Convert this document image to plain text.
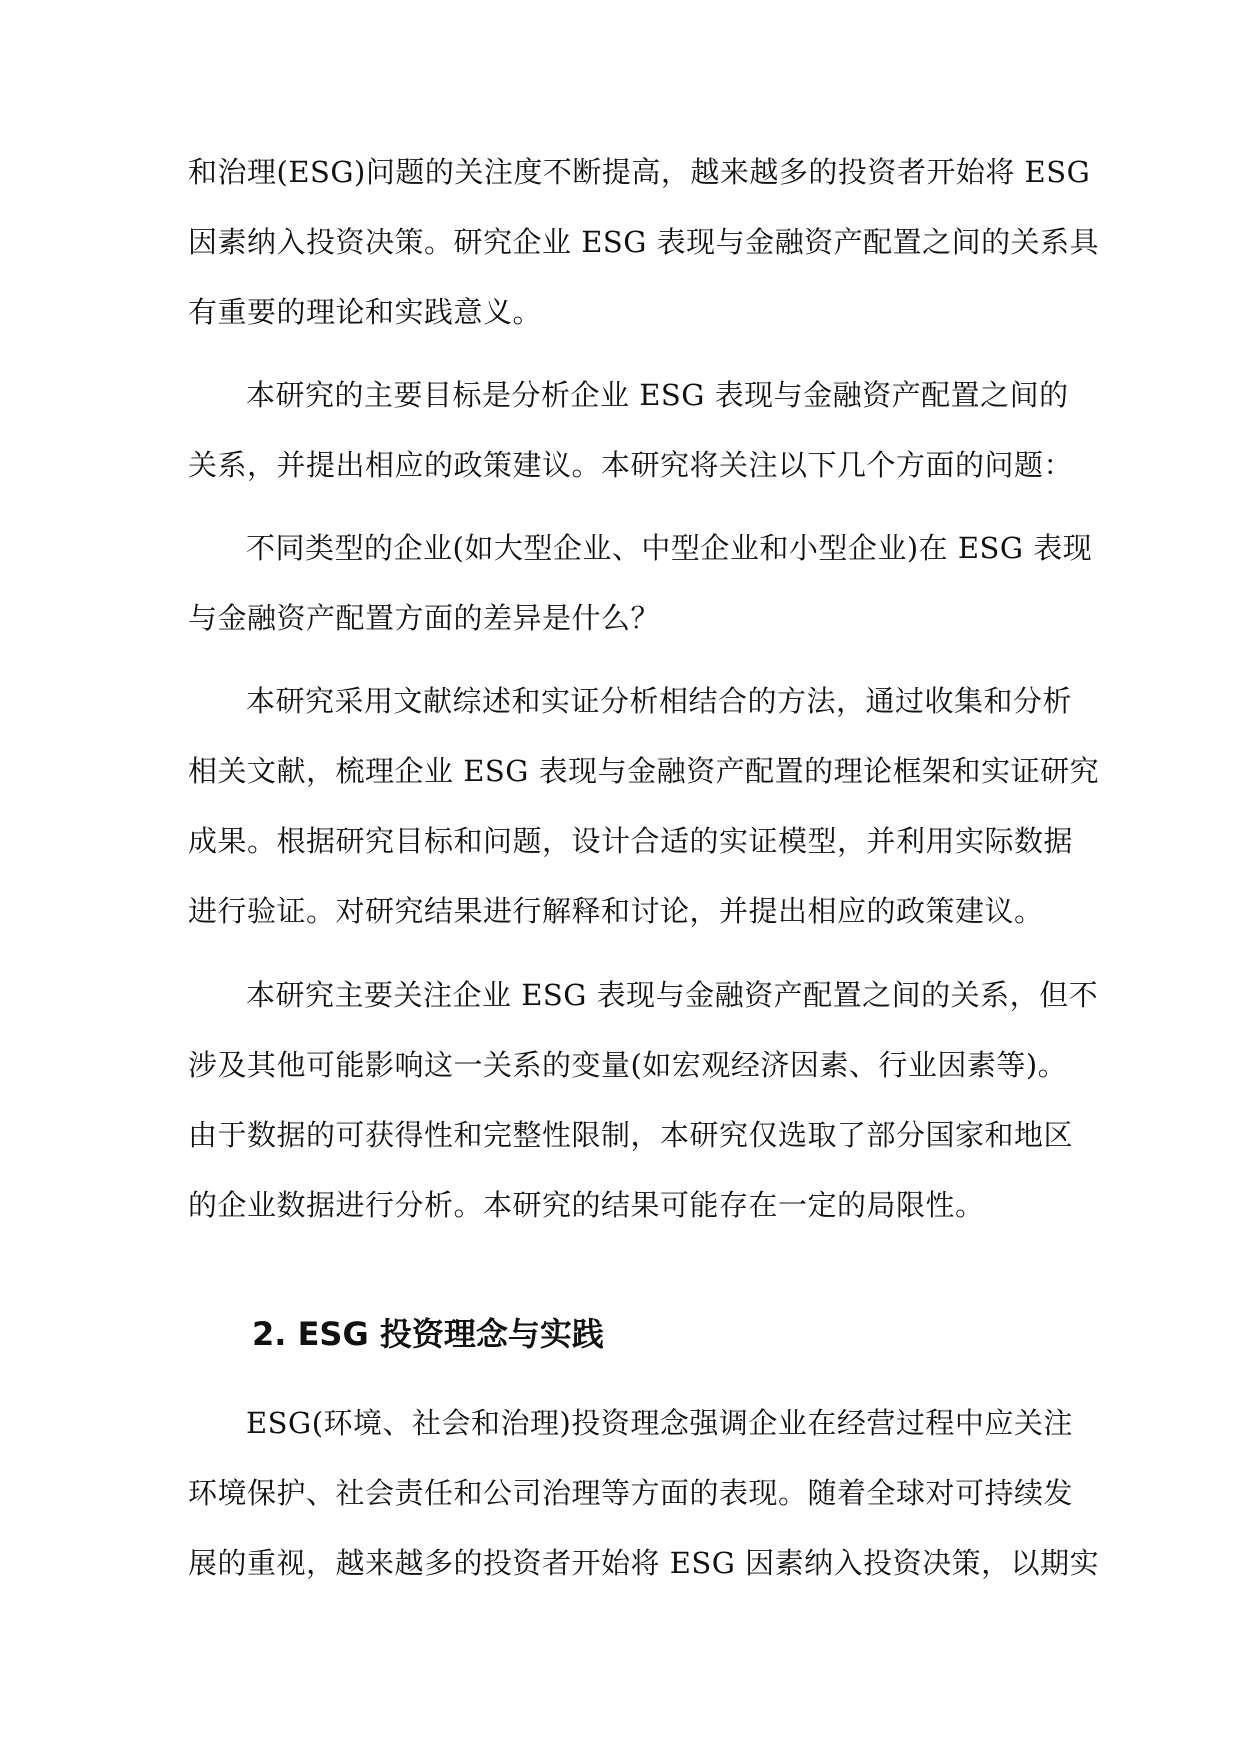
和治理(ESG)问题的关注度不断提高，越来越多的投资者开始将 ESG
因素纳入投资决策。研究企业 ESG 表现与金融资产配置之间的关系具
有重要的理论和实践意义。
本研究的主要目标是分析企业 ESG 表现与金融资产配置之间的
关系，并提出相应的政策建议。本研究将关注以下几个方面的问题：
不同类型的企业(如大型企业、中型企业和小型企业)在 ESG 表现
与金融资产配置方面的差异是什么？
本研究采用文献综述和实证分析相结合的方法，通过收集和分析
相关文献，梳理企业 ESG 表现与金融资产配置的理论框架和实证研究
成果。根据研究目标和问题，设计合适的实证模型，并利用实际数据
进行验证。对研究结果进行解释和讨论，并提出相应的政策建议。
本研究主要关注企业 ESG 表现与金融资产配置之间的关系，但不
涉及其他可能影响这一关系的变量(如宏观经济因素、行业因素等)。
由于数据的可获得性和完整性限制，本研究仅选取了部分国家和地区
的企业数据进行分析。本研究的结果可能存在一定的局限性。
2. ESG 投资理念与实践
ESG(环境、社会和治理)投资理念强调企业在经营过程中应关注
环境保护、社会责任和公司治理等方面的表现。随着全球对可持续发
展的重视，越来越多的投资者开始将 ESG 因素纳入投资决策，以期实
